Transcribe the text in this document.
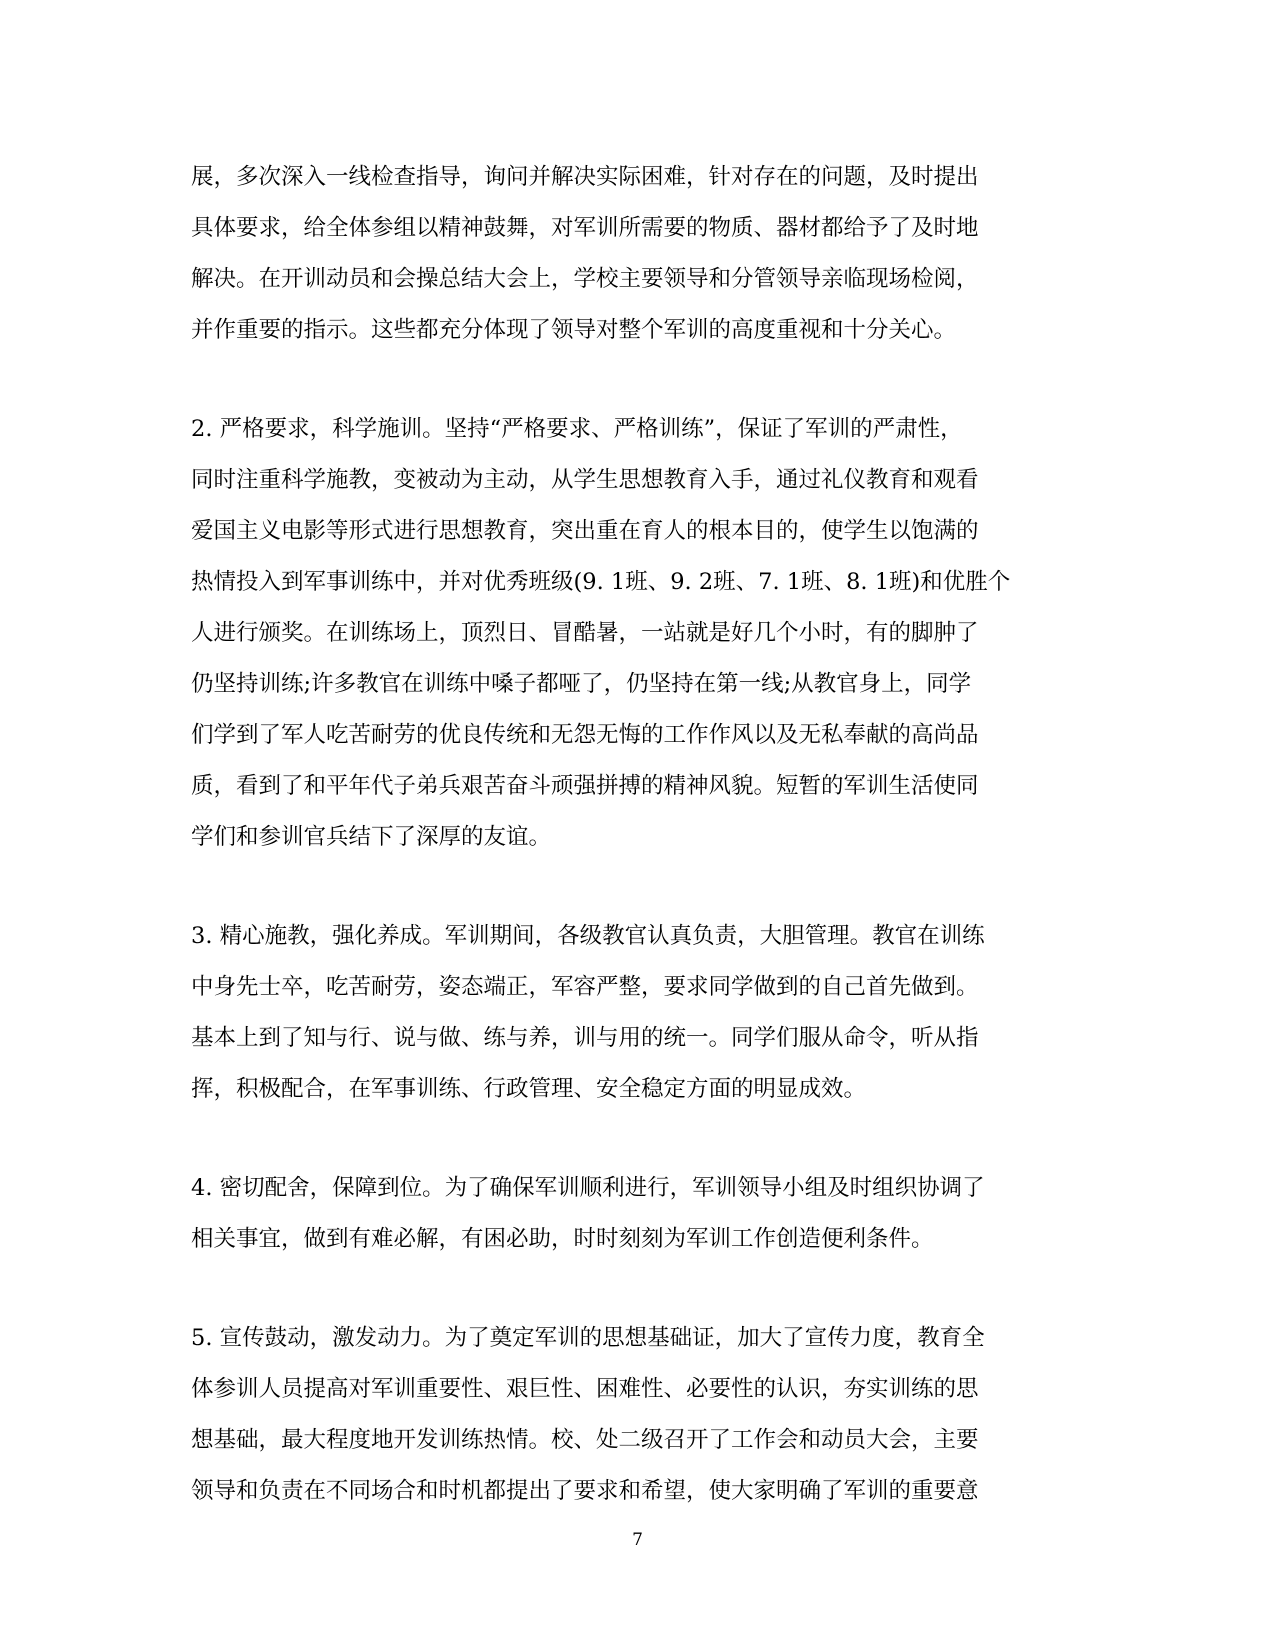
展，多次深入一线检查指导，询问并解决实际困难，针对存在的问题，及时提出
具体要求，给全体参组以精神鼓舞，对军训所需要的物质、器材都给予了及时地
解决。在开训动员和会操总结大会上，学校主要领导和分管领导亲临现场检阅，
并作重要的指示。这些都充分体现了领导对整个军训的高度重视和十分关心。

2. 严格要求，科学施训。坚持“严格要求、严格训练”，保证了军训的严肃性，
同时注重科学施教，变被动为主动，从学生思想教育入手，通过礼仪教育和观看
爱国主义电影等形式进行思想教育，突出重在育人的根本目的，使学生以饱满的
热情投入到军事训练中，并对优秀班级(9. 1班、9. 2班、7. 1班、8. 1班)和优胜个
人进行颁奖。在训练场上，顶烈日、冒酷暑，一站就是好几个小时，有的脚肿了
仍坚持训练;许多教官在训练中嗓子都哑了，仍坚持在第一线;从教官身上，同学
们学到了军人吃苦耐劳的优良传统和无怨无悔的工作作风以及无私奉献的高尚品
质，看到了和平年代子弟兵艰苦奋斗顽强拼搏的精神风貌。短暂的军训生活使同
学们和参训官兵结下了深厚的友谊。

3. 精心施教，强化养成。军训期间，各级教官认真负责，大胆管理。教官在训练
中身先士卒，吃苦耐劳，姿态端正，军容严整，要求同学做到的自己首先做到。
基本上到了知与行、说与做、练与养，训与用的统一。同学们服从命令，听从指
挥，积极配合，在军事训练、行政管理、安全稳定方面的明显成效。

4. 密切配舍，保障到位。为了确保军训顺利进行，军训领导小组及时组织协调了
相关事宜，做到有难必解，有困必助，时时刻刻为军训工作创造便利条件。

5. 宣传鼓动，激发动力。为了奠定军训的思想基础证，加大了宣传力度，教育全
体参训人员提高对军训重要性、艰巨性、困难性、必要性的认识，夯实训练的思
想基础，最大程度地开发训练热情。校、处二级召开了工作会和动员大会，主要
领导和负责在不同场合和时机都提出了要求和希望，使大家明确了军训的重要意

7
